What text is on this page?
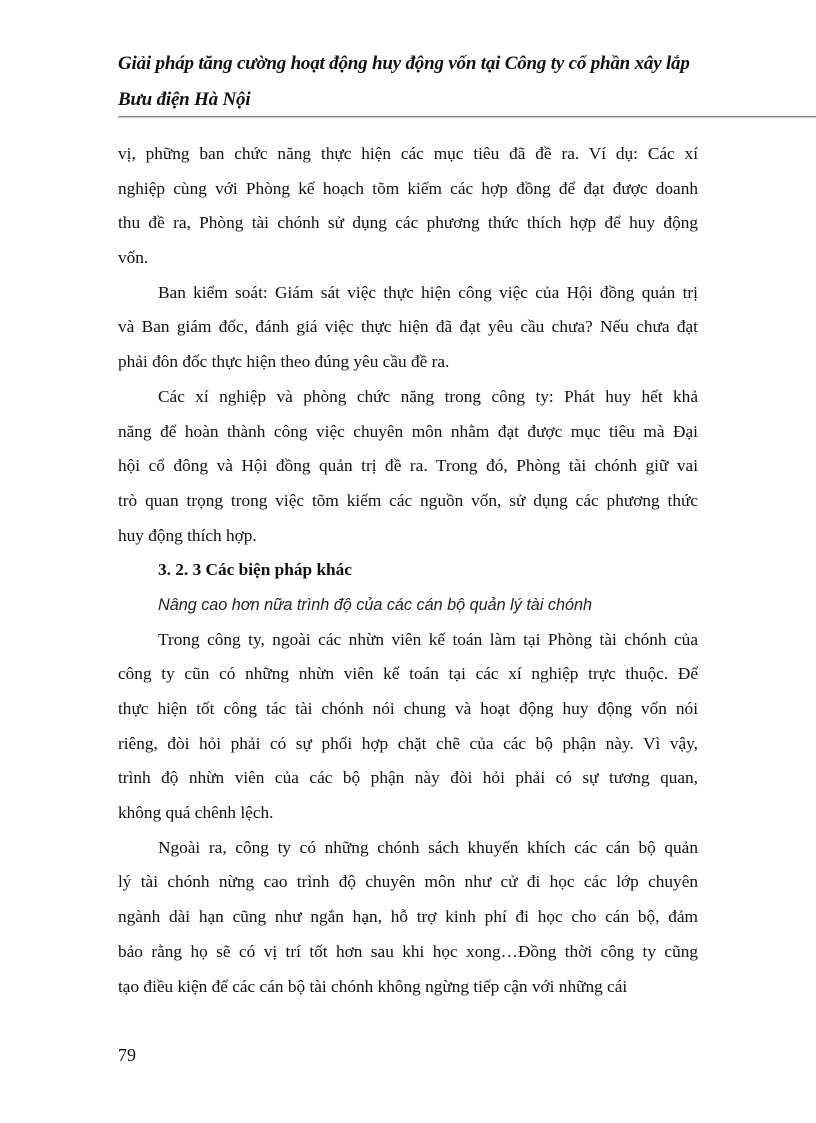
Giải pháp tăng cường hoạt động huy động vốn tại Công ty cổ phần xây lắp
Bưu điện Hà Nội
vị, phững ban chức năng thực hiện các mục tiêu đã đề ra. Ví dụ: Các xí
nghiệp cùng với Phòng kế hoạch tõm kiếm các hợp đồng để đạt được doanh
thu đề ra, Phòng tài chónh sử dụng các phương thức thích hợp để huy động
vốn.
Ban kiểm soát: Giám sát việc thực hiện công việc của Hội đồng quản trị
và Ban giám đốc, đánh giá việc thực hiện đã đạt yêu cầu chưa? Nếu chưa đạt
phải đôn đốc thực hiện theo đúng yêu cầu đề ra.
Các xí nghiệp và phòng chức năng trong công ty: Phát huy hết khả
năng để hoàn thành công việc chuyên môn nhằm đạt được mục tiêu mà Đại
hội cổ đông và Hội đồng quản trị đề ra. Trong đó, Phòng tài chónh giữ vai
trò quan trọng trong việc tõm kiếm các nguồn vốn, sử dụng các phương thức
huy động thích hợp.
3. 2. 3 Các biện pháp khác
Nâng cao hơn nữa trình độ của các cán bộ quản lý tài chónh
Trong công ty, ngoài các nhừn viên kế toán làm tại Phòng tài chónh của
công ty cũn có những nhừn viên kế toán tại các xí nghiệp trực thuộc. Để
thực hiện tốt công tác tài chónh nói chung và hoạt động huy động vốn nói
riêng, đòi hỏi phải có sự phối hợp chặt chẽ của các bộ phận này. Vì vậy,
trình độ nhừn viên của các bộ phận này đòi hỏi phải có sự tương quan,
không quá chênh lệch.
Ngoài ra, công ty có những chónh sách khuyến khích các cán bộ quản
lý tài chónh nừng cao trình độ chuyên môn như cử đi học các lớp chuyên
ngành dài hạn cũng như ngắn hạn, hỗ trợ kinh phí đi học cho cán bộ, đảm
bảo rằng họ sẽ có vị trí tốt hơn sau khi học xong…Đồng thời công ty cũng
tạo điều kiện để các cán bộ tài chónh không ngừng tiếp cận với những cái
79
